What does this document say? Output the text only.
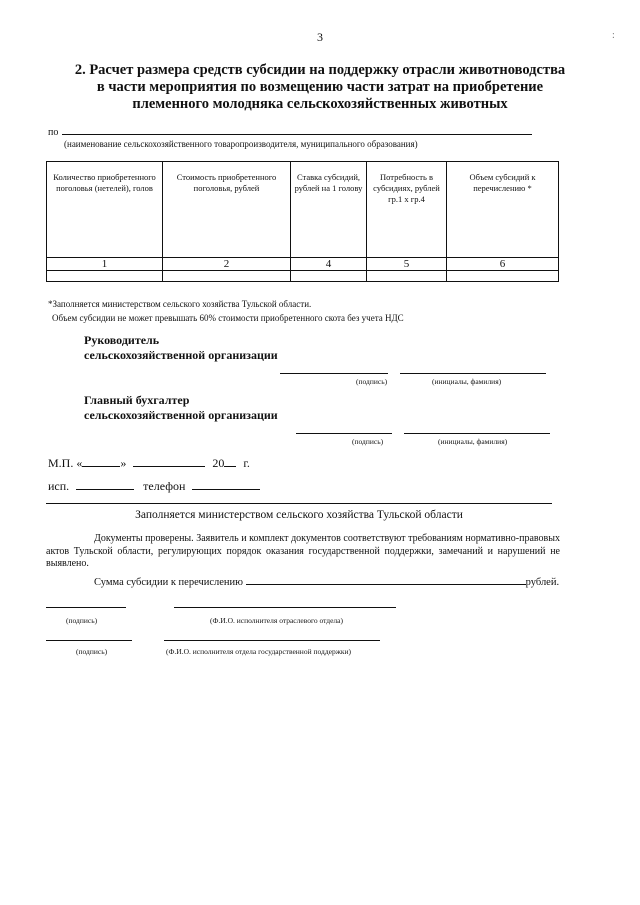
3	:
2. Расчет размера средств субсидии на поддержку отрасли животноводства
в части мероприятия по возмещению части затрат на приобретение
племенного молодняка сельскохозяйственных животных
по
(наименование сельскохозяйственного товаропроизводителя, муниципального образования)
Количество приобретенного поголовья (нетелей), голов	Стоимость приобретенного поголовья, рублей	Ставка субсидий, рублей на 1 голову	Потребность в субсидиях, рублей гр.1 х гр.4	Объем субсидий к перечислению *
1	2	4	5	6

*Заполняется министерством сельского хозяйства Тульской области.
Объем субсидии не может превышать 60% стоимости приобретенного скота без учета НДС
Руководитель
сельскохозяйственной организации
(подпись)	(инициалы, фамилия)
Главный бухгалтер
сельскохозяйственной организации
(подпись)	(инициалы, фамилия)
М.П. «	»	20 г.
исп.	телефон
Заполняется министерством сельского хозяйства Тульской области
Документы проверены. Заявитель и комплект документов соответствуют требованиям нормативно-правовых актов Тульской области, регулирующих порядок оказания государственной поддержки, замечаний и нарушений не выявлено.
Сумма субсидии к перечислению	рублей.
(подпись)	(Ф.И.О. исполнителя отраслевого отдела)
(подпись)	(Ф.И.О. исполнителя отдела государственной поддержки)
